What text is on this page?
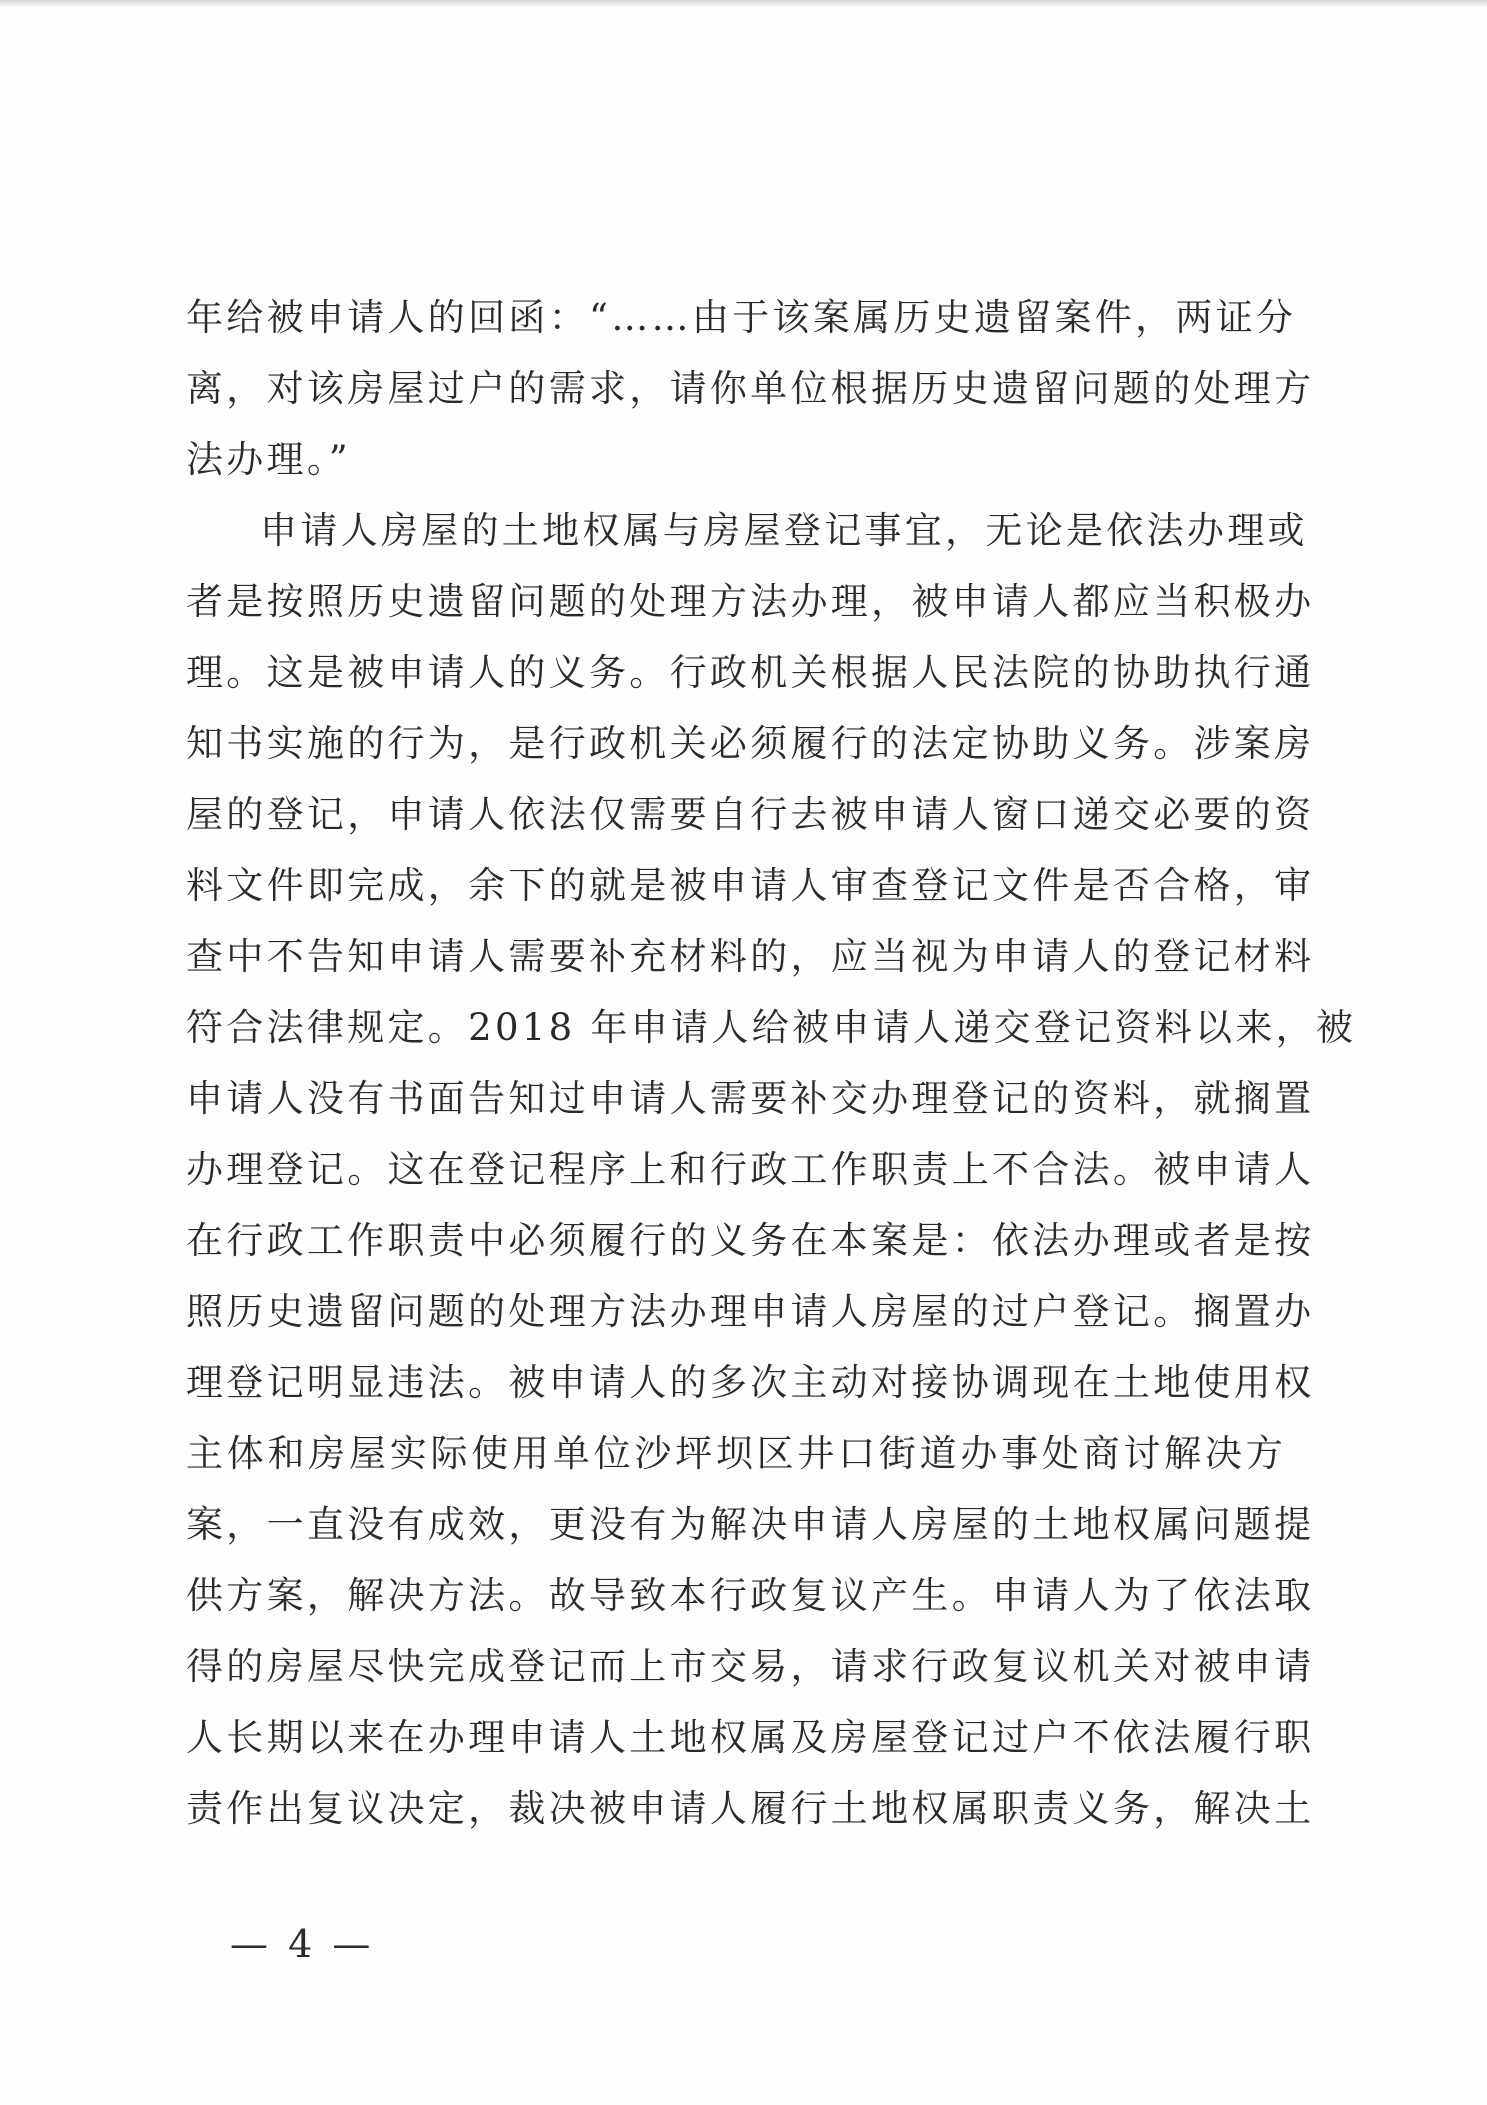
年给被申请人的回函：“……由于该案属历史遗留案件，两证分
离，对该房屋过户的需求，请你单位根据历史遗留问题的处理方
法办理。”
申请人房屋的土地权属与房屋登记事宜，无论是依法办理或
者是按照历史遗留问题的处理方法办理，被申请人都应当积极办
理。这是被申请人的义务。行政机关根据人民法院的协助执行通
知书实施的行为，是行政机关必须履行的法定协助义务。涉案房
屋的登记，申请人依法仅需要自行去被申请人窗口递交必要的资
料文件即完成，余下的就是被申请人审查登记文件是否合格，审
查中不告知申请人需要补充材料的，应当视为申请人的登记材料
符合法律规定。2018 年申请人给被申请人递交登记资料以来，被
申请人没有书面告知过申请人需要补交办理登记的资料，就搁置
办理登记。这在登记程序上和行政工作职责上不合法。被申请人
在行政工作职责中必须履行的义务在本案是：依法办理或者是按
照历史遗留问题的处理方法办理申请人房屋的过户登记。搁置办
理登记明显违法。被申请人的多次主动对接协调现在土地使用权
主体和房屋实际使用单位沙坪坝区井口街道办事处商讨解决方
案，一直没有成效，更没有为解决申请人房屋的土地权属问题提
供方案，解决方法。故导致本行政复议产生。申请人为了依法取
得的房屋尽快完成登记而上市交易，请求行政复议机关对被申请
人长期以来在办理申请人土地权属及房屋登记过户不依法履行职
责作出复议决定，裁决被申请人履行土地权属职责义务，解决土
— 4 —
